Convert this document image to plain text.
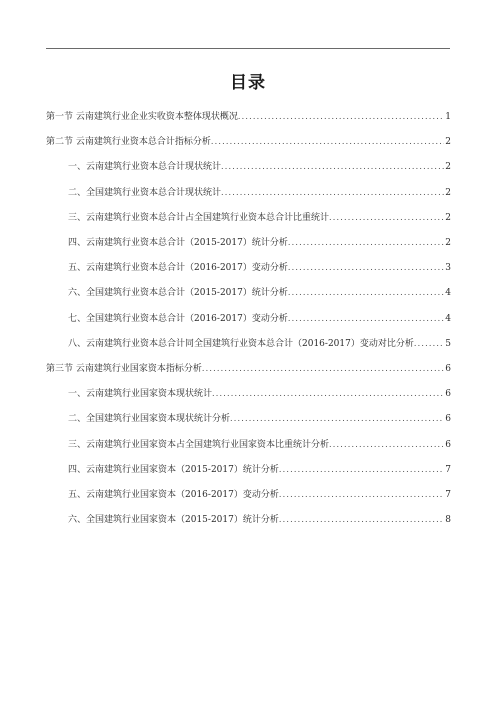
目录
第一节 云南建筑行业企业实收资本整体现状概况 .....	1
第二节 云南建筑行业资本总合计指标分析 .....	2
一、云南建筑行业资本总合计现状统计 .....	2
二、全国建筑行业资本总合计现状统计 .....	2
三、云南建筑行业资本总合计占全国建筑行业资本总合计比重统计 .....	2
四、云南建筑行业资本总合计（2015-2017）统计分析 .....	2
五、云南建筑行业资本总合计（2016-2017）变动分析 .....	3
六、全国建筑行业资本总合计（2015-2017）统计分析 .....	4
七、全国建筑行业资本总合计（2016-2017）变动分析 .....	4
八、云南建筑行业资本总合计同全国建筑行业资本总合计（2016-2017）变动对比分析 .....	5
第三节 云南建筑行业国家资本指标分析 .....	6
一、云南建筑行业国家资本现状统计 .....	6
二、全国建筑行业国家资本现状统计分析 .....	6
三、云南建筑行业国家资本占全国建筑行业国家资本比重统计分析 .....	6
四、云南建筑行业国家资本（2015-2017）统计分析 .....	7
五、云南建筑行业国家资本（2016-2017）变动分析 .....	7
六、全国建筑行业国家资本（2015-2017）统计分析 .....	8
